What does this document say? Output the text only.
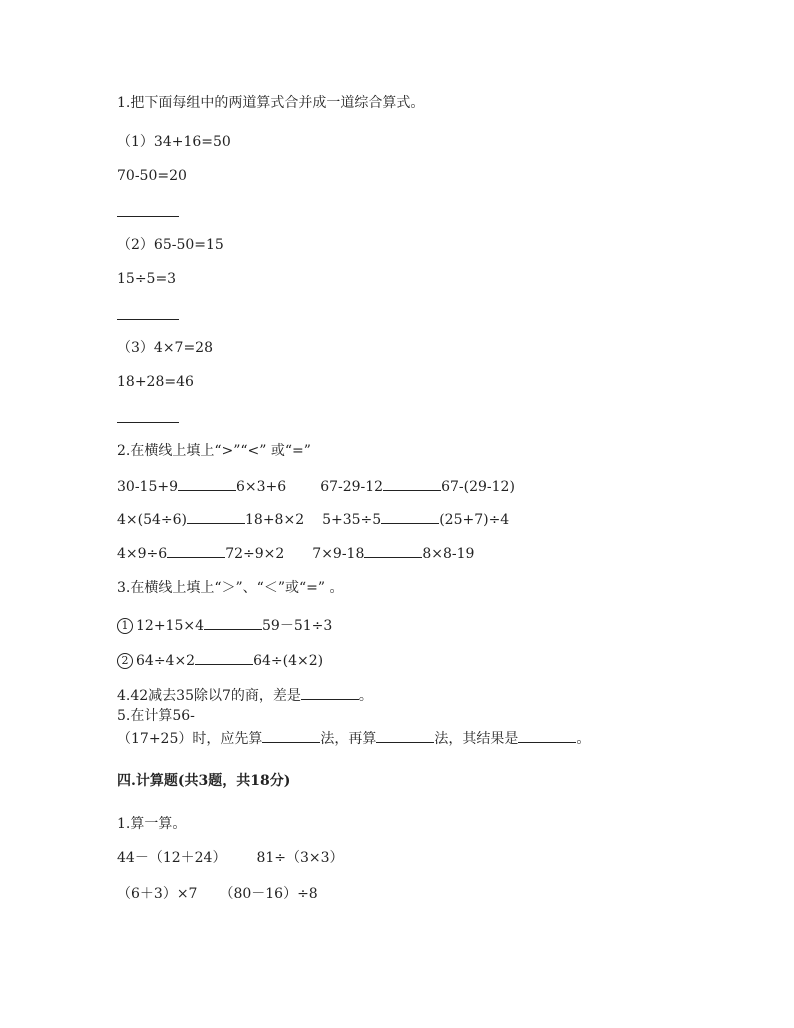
1.把下面每组中的两道算式合并成一道综合算式。
（1）34+16=50
70-50=20
（2）65-50=15
15÷5=3
（3）4×7=28
18+28=46
2.在横线上填上“>”“<” 或“=”
30-15+9	6×3+6 67-29-12	67-(29-12)
4×(54÷6)	18+8×2 5+35÷5	(25+7)÷4
4×9÷6	72÷9×2 7×9-18	8×8-19
3.在横线上填上“＞”、“＜”或“=” 。
1 12+15×4	59－51÷3
2 64÷4×2	64÷(4×2)
4.42减去35除以7的商，差是	。
5.在计算56-
（17+25）时，应先算	法，再算	法，其结果是	。
四.计算题(共3题，共18分)
1.算一算。
44－（12＋24） 81÷（3×3）
（6＋3）×7 （80－16）÷8
